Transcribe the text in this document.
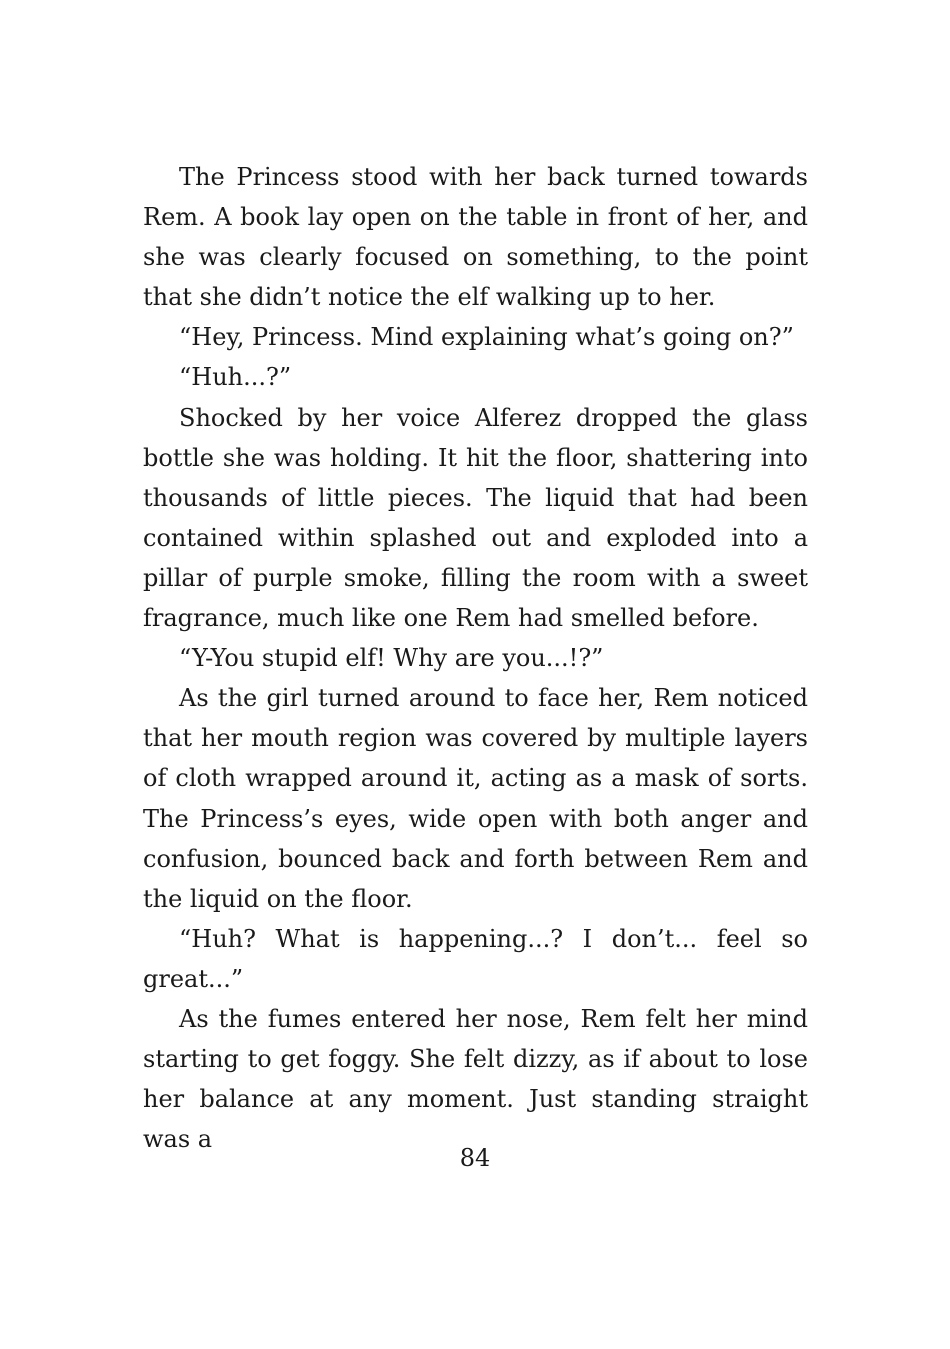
The Princess stood with her back turned towards Rem. A book lay open on the table in front of her, and she was clearly focused on something, to the point that she didn’t notice the elf walking up to her.

“Hey, Princess. Mind explaining what’s going on?”

“Huh...?”

Shocked by her voice Alferez dropped the glass bottle she was holding. It hit the floor, shattering into thousands of little pieces. The liquid that had been contained within splashed out and exploded into a pillar of purple smoke, filling the room with a sweet fragrance, much like one Rem had smelled before.

“Y-You stupid elf! Why are you...!?”

As the girl turned around to face her, Rem noticed that her mouth region was covered by multiple layers of cloth wrapped around it, acting as a mask of sorts. The Princess’s eyes, wide open with both anger and confusion, bounced back and forth between Rem and the liquid on the floor.

“Huh? What is happening...? I don’t... feel so great...”

As the fumes entered her nose, Rem felt her mind starting to get foggy. She felt dizzy, as if about to lose her balance at any moment. Just standing straight was a

84
